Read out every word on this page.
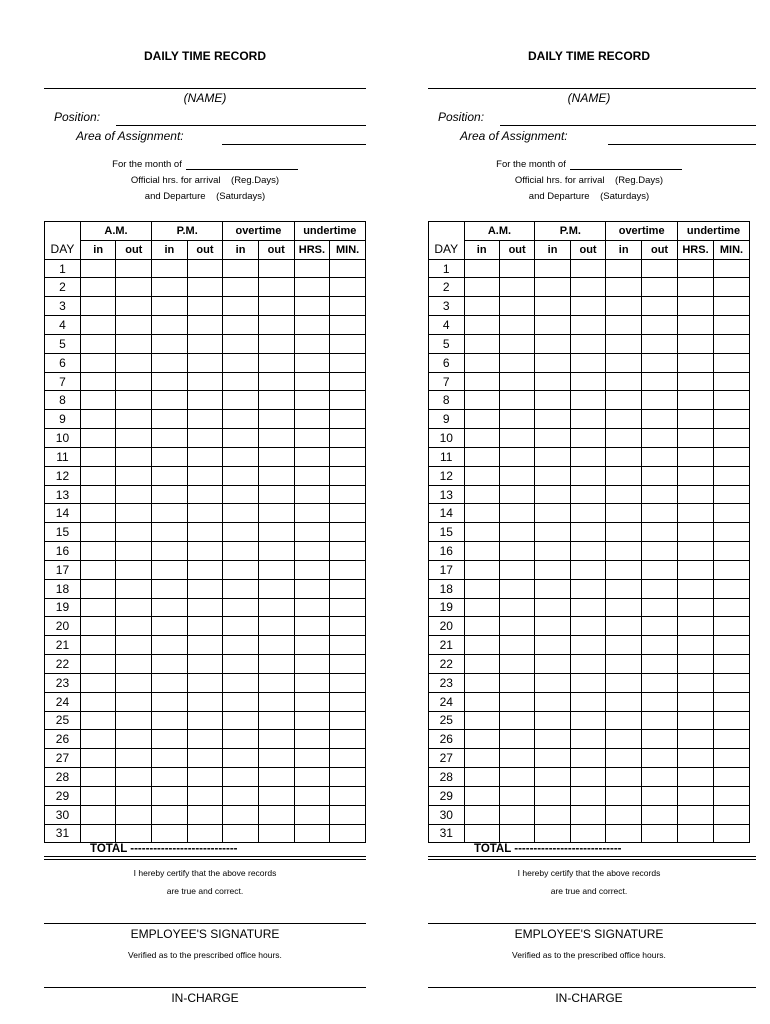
DAILY TIME RECORD
(NAME)
Position:
Area of Assignment:
For the month of
Official hrs. for arrival    (Reg.Days)
and Departure    (Saturdays)
	A.M.		P.M.		overtime		undertime	
DAY	in	out	in	out	in	out	HRS.	MIN.
1								
2								
3								
4								
5								
6								
7								
8								
9								
10								
11								
12								
13								
14								
15								
16								
17								
18								
19								
20								
21								
22								
23								
24								
25								
26								
27								
28								
29								
30								
31								
TOTAL ----------------------------
I hereby certify that the above records
are true and correct.
EMPLOYEE'S SIGNATURE
Verified as to the prescribed office hours.
IN-CHARGE
DAILY TIME RECORD
(NAME)
Position:
Area of Assignment:
For the month of
Official hrs. for arrival    (Reg.Days)
and Departure    (Saturdays)
	A.M.		P.M.		overtime		undertime	
DAY	in	out	in	out	in	out	HRS.	MIN.
1								
2								
3								
4								
5								
6								
7								
8								
9								
10								
11								
12								
13								
14								
15								
16								
17								
18								
19								
20								
21								
22								
23								
24								
25								
26								
27								
28								
29								
30								
31								
TOTAL ----------------------------
I hereby certify that the above records
are true and correct.
EMPLOYEE'S SIGNATURE
Verified as to the prescribed office hours.
IN-CHARGE
